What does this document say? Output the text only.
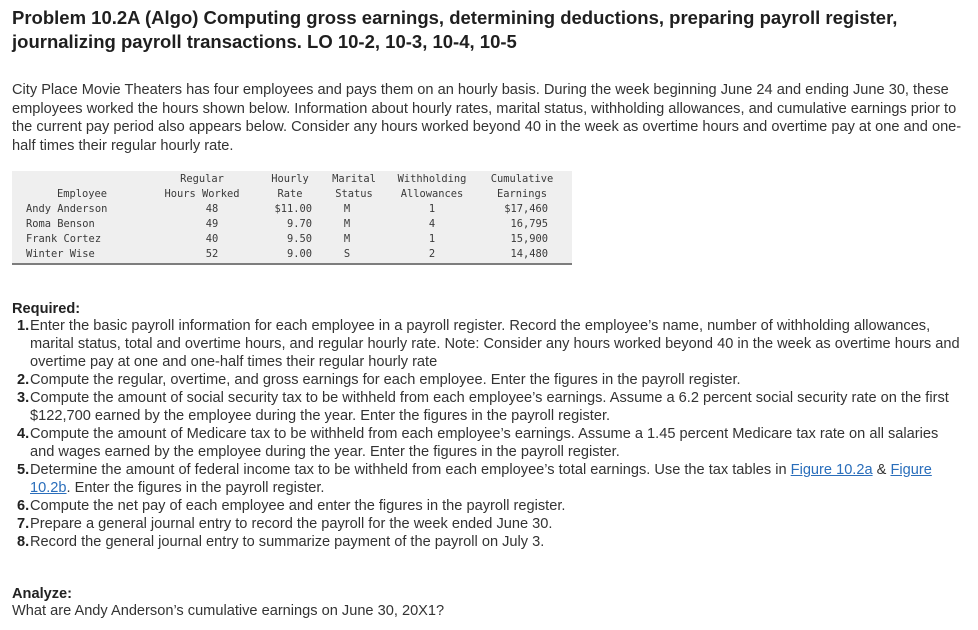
Problem 10.2A (Algo) Computing gross earnings, determining deductions, preparing payroll register, journalizing payroll transactions. LO 10-2, 10-3, 10-4, 10-5
City Place Movie Theaters has four employees and pays them on an hourly basis. During the week beginning June 24 and ending June 30, these employees worked the hours shown below. Information about hourly rates, marital status, withholding allowances, and cumulative earnings prior to the current pay period also appears below. Consider any hours worked beyond 40 in the week as overtime hours and overtime pay at one and one-half times their regular hourly rate.
Regular	Hourly	Marital	Withholding	Cumulative
Employee	Hours Worked	Rate	Status	Allowances	Earnings
Andy Anderson	48	$11.00	M	1	$17,460
Roma Benson	49	9.70	M	4	16,795
Frank Cortez	40	9.50	M	1	15,900
Winter Wise	52	9.00	S	2	14,480
Required:
1. Enter the basic payroll information for each employee in a payroll register. Record the employee’s name, number of withholding allowances, marital status, total and overtime hours, and regular hourly rate. Note: Consider any hours worked beyond 40 in the week as overtime hours and overtime pay at one and one-half times their regular hourly rate
2. Compute the regular, overtime, and gross earnings for each employee. Enter the figures in the payroll register.
3. Compute the amount of social security tax to be withheld from each employee’s earnings. Assume a 6.2 percent social security rate on the first $122,700 earned by the employee during the year. Enter the figures in the payroll register.
4. Compute the amount of Medicare tax to be withheld from each employee’s earnings. Assume a 1.45 percent Medicare tax rate on all salaries and wages earned by the employee during the year. Enter the figures in the payroll register.
5. Determine the amount of federal income tax to be withheld from each employee’s total earnings. Use the tax tables in Figure 10.2a & Figure 10.2b. Enter the figures in the payroll register.
6. Compute the net pay of each employee and enter the figures in the payroll register.
7. Prepare a general journal entry to record the payroll for the week ended June 30.
8. Record the general journal entry to summarize payment of the payroll on July 3.
Analyze:
What are Andy Anderson’s cumulative earnings on June 30, 20X1?
